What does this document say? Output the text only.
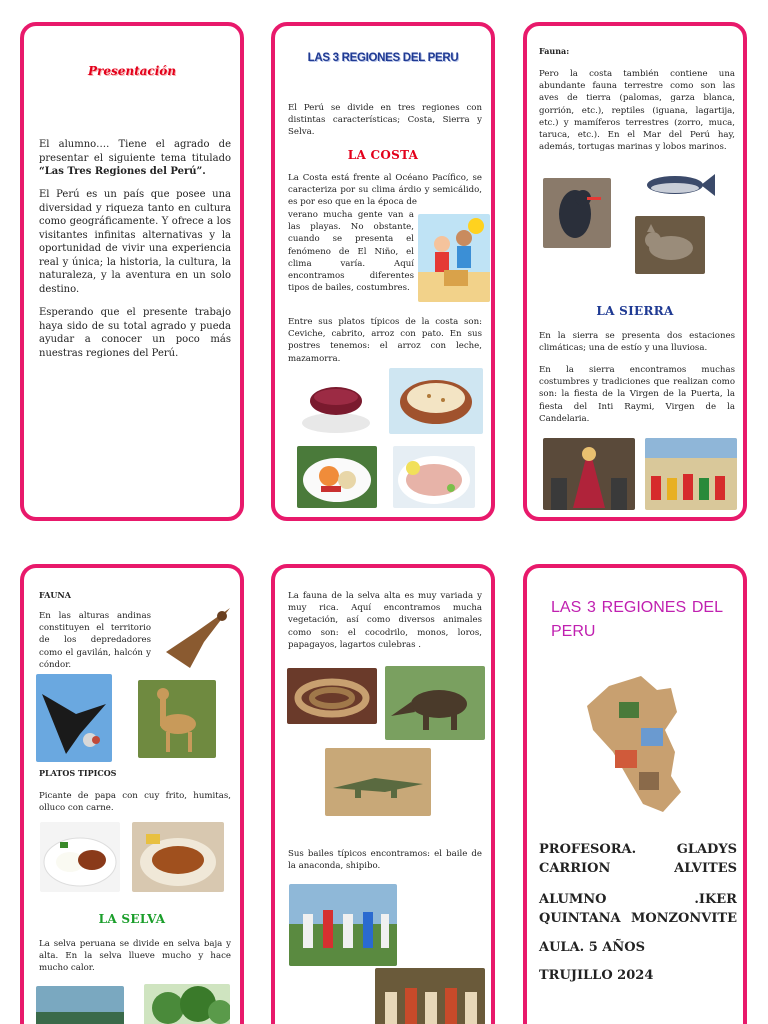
Presentación
El alumno…. Tiene el agrado de presentar el siguiente tema titulado “Las Tres Regiones del Perú”.
El Perú es un país que posee una diversidad y riqueza tanto en cultura como geográficamente. Y ofrece a los visitantes infinitas alternativas y la oportunidad de vivir una experiencia real y única; la historia, la cultura, la naturaleza, y la aventura en un solo destino.
Esperando que el presente trabajo haya sido de su total agrado y pueda ayudar a conocer un poco más nuestras regiones del Perú.
LAS 3 REGIONES DEL PERU
El Perú se divide en tres regiones con distintas características; Costa, Sierra y Selva.
LA COSTA
La Costa está frente al Océano Pacífico, se caracteriza por su clima árdio y semicálido, es por eso que en la época de
verano mucha gente van a las playas. No obstante, cuando se presenta el fenómeno de El Niño, el clima varía. Aquí encontramos diferentes tipos de bailes, costumbres.
Entre sus platos típicos de la costa son: Ceviche, cabrito, arroz con pato. En sus postres tenemos: el arroz con leche, mazamorra.
Fauna:
Pero la costa también contiene una abundante fauna terrestre como son las aves de tierra (palomas, garza blanca, gorrión, etc.), reptiles (iguana, lagartija, etc.) y mamíferos terrestres (zorro, muca, taruca, etc.). En el Mar del Perú hay, además, tortugas marinas y lobos marinos.
LA SIERRA
En la sierra se presenta dos estaciones climáticas; una de estío y una lluviosa.
En la sierra encontramos muchas costumbres y tradiciones que realizan como son: la fiesta de la Virgen de la Puerta, la fiesta del Inti Raymi, Virgen de la Candelaria.
FAUNA
En las alturas andinas constituyen el territorio de los depredadores como el gavilán, halcón y cóndor.
PLATOS TIPICOS
Picante de papa con cuy frito, humitas, olluco con carne.
LA SELVA
La selva peruana se divide en selva baja y alta. En la selva llueve mucho y hace mucho calor.
La fauna de la selva alta es muy variada y muy rica. Aquí encontramos mucha vegetación, así como diversos animales como son: el cocodrilo, monos, loros, papagayos, lagartos culebras .
Sus bailes típicos encontramos: el baile de la anaconda, shipibo.
LAS 3 REGIONES DEL PERU
PROFESORA. GLADYS CARRION ALVITES
ALUMNO .IKER QUINTANA MONZONVITE
AULA. 5 AÑOS
TRUJILLO 2024
